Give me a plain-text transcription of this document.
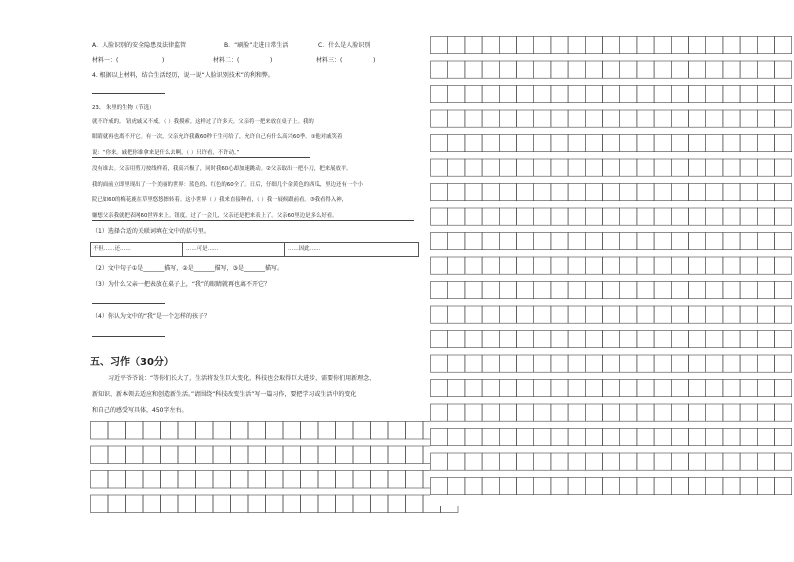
A．人脸识别的安全隐患及法律监管	B．“刷脸”走进日常生活	C．什么是人脸识别
材料一：(	)	材料二：(	)	材料三：(	)
4. 根据以上材料，结合生活经历，说一说“人脸识别技术”的利和弊。
23、 朱里的生物（节选）
就不许戒的。 钮虎戚又不戒。（ ）我摸索。这样过了许多天。父亲将一把来放在桌子上。我的
眼睛就再也离不开它。有一次，父亲允许我戴60秒千生可给了，允许自己有什么高兴60季。①他对戚笑着
说：“你来。戚把你谁拿来是什么去啊。（ ）只许看，不许动。”
没有谁去。父亲用剪刀按线样着，我高兴极了，同时我60心却加速跳动。②父亲取出一把小刀，把来展放平。
我的面前立即里现出了一个美丽的世界：蓝色的、红色的60全了。日后，仔细几个金黄色的西瓜，里边还有一个小
院已如60的梅花鹿在草里悠悠擦转着。这小世界（ ）我来直接种看，（ ）我一展候跟前看。③我看得入神，
嫌想父亲我就把表网60世界来上。钮度，过了一会儿，父亲还是把来表上了。父亲60里边是多么好看。
（1）选择合适的关联词填在文中的括号里。
不但……还……	……可是……	……因此……
（2）文中句子①是_______描写，②是_______描写，③是_______描写。
（3）为什么父亲一把表放在桌子上，“我”的眼睛就再也离不开它？
（4）你认为文中的“我”是一个怎样的孩子？
五、习作（30分）
习近平爷爷说：“等你们长大了，生活将发生巨大变化，科技也会取得巨大进步，需要你们用新理念、
新知识、新本领去适应和创造新生活。”请围绕“科技改变生活”写一篇习作，要把学习或生活中的变化
和自己的感受写具体，450字左右。
